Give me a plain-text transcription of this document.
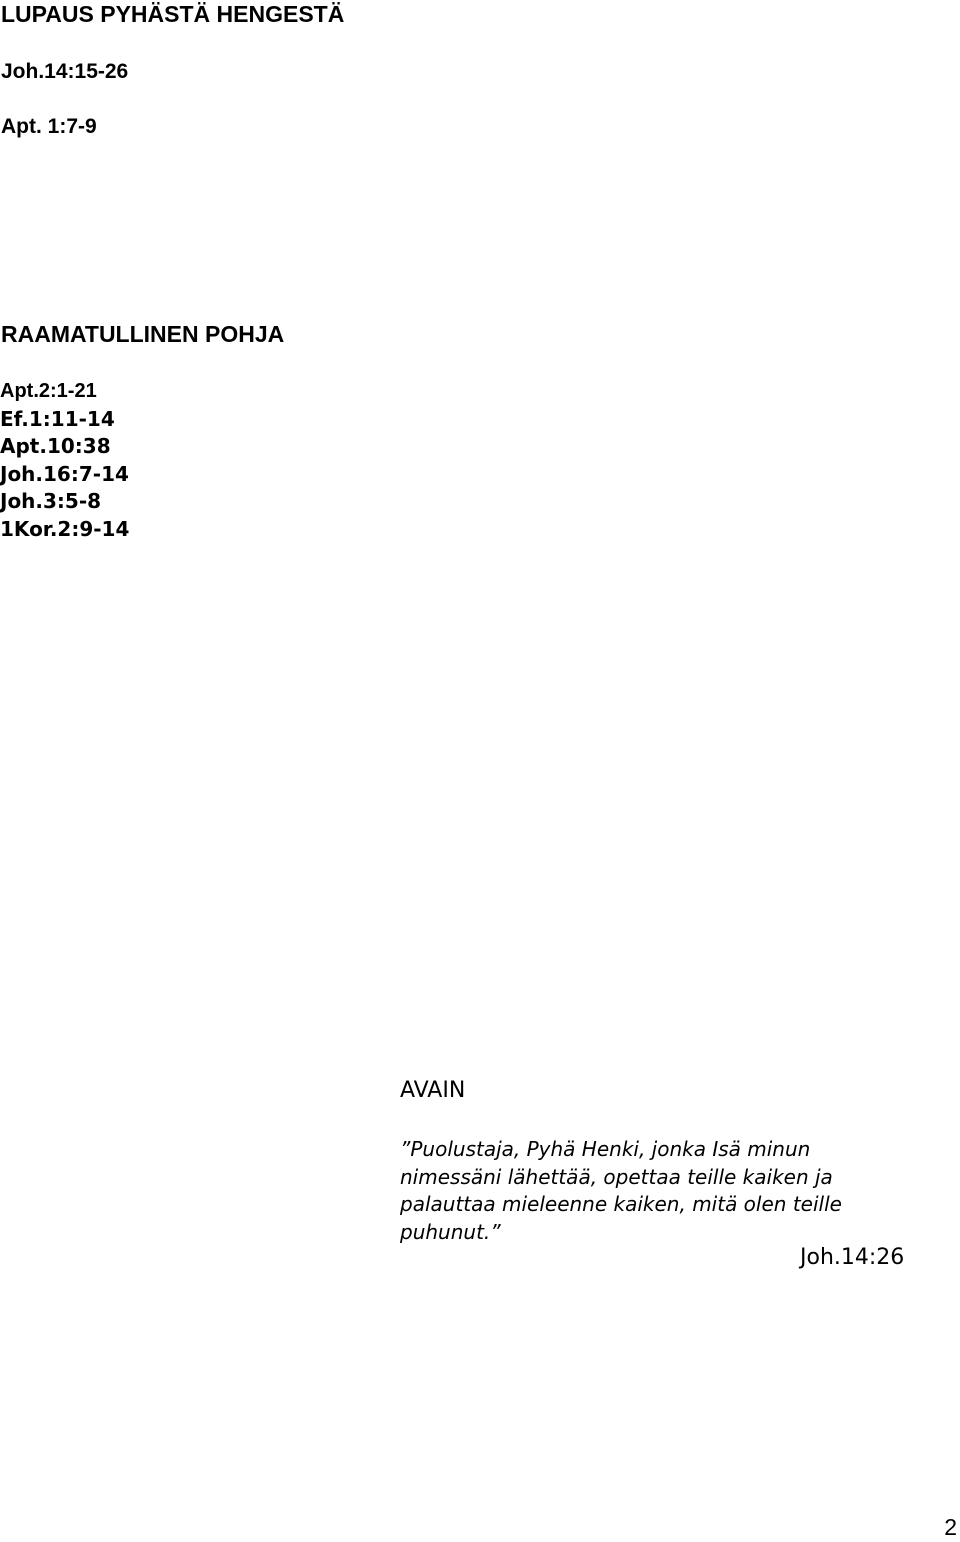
LUPAUS PYHÄSTÄ HENGESTÄ
Joh.14:15-26
Apt. 1:7-9
RAAMATULLINEN POHJA
Apt.2:1-21
Ef.1:11-14
Apt.10:38
Joh.16:7-14
Joh.3:5-8
1Kor.2:9-14
AVAIN

”Puolustaja, Pyhä Henki, jonka Isä minun
nimessäni lähettää, opettaa teille kaiken ja
palauttaa mieleenne kaiken, mitä olen teille
puhunut.”

Joh.14:26
2
